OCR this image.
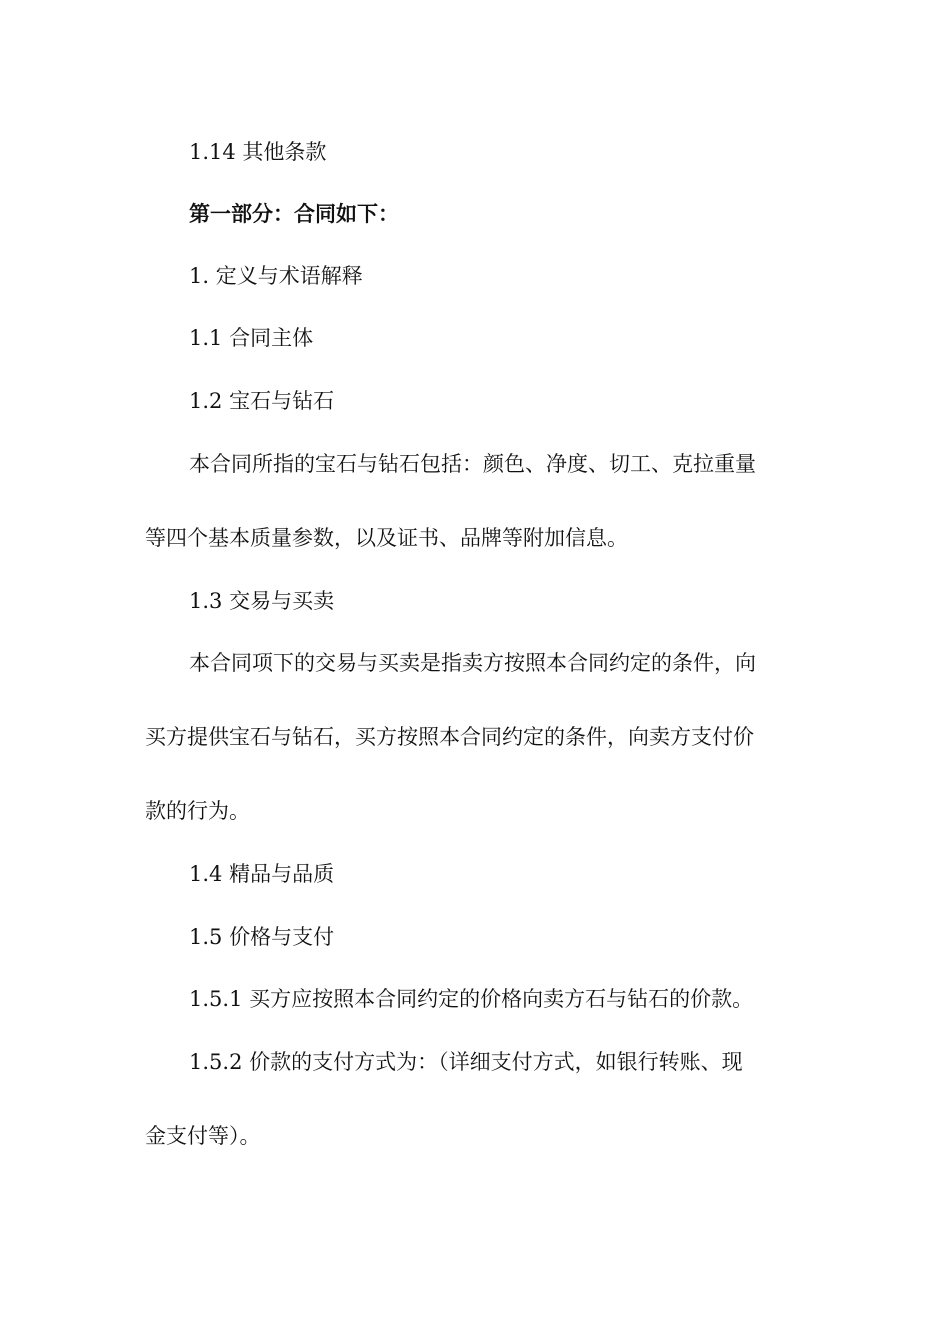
1.14 其他条款
第一部分：合同如下：
1. 定义与术语解释
1.1 合同主体
1.2 宝石与钻石
本合同所指的宝石与钻石包括：颜色、净度、切工、克拉重量
等四个基本质量参数，以及证书、品牌等附加信息。
1.3 交易与买卖
本合同项下的交易与买卖是指卖方按照本合同约定的条件，向
买方提供宝石与钻石，买方按照本合同约定的条件，向卖方支付价
款的行为。
1.4 精品与品质
1.5 价格与支付
1.5.1 买方应按照本合同约定的价格向卖方石与钻石的价款。
1.5.2 价款的支付方式为：（详细支付方式，如银行转账、现
金支付等）。
